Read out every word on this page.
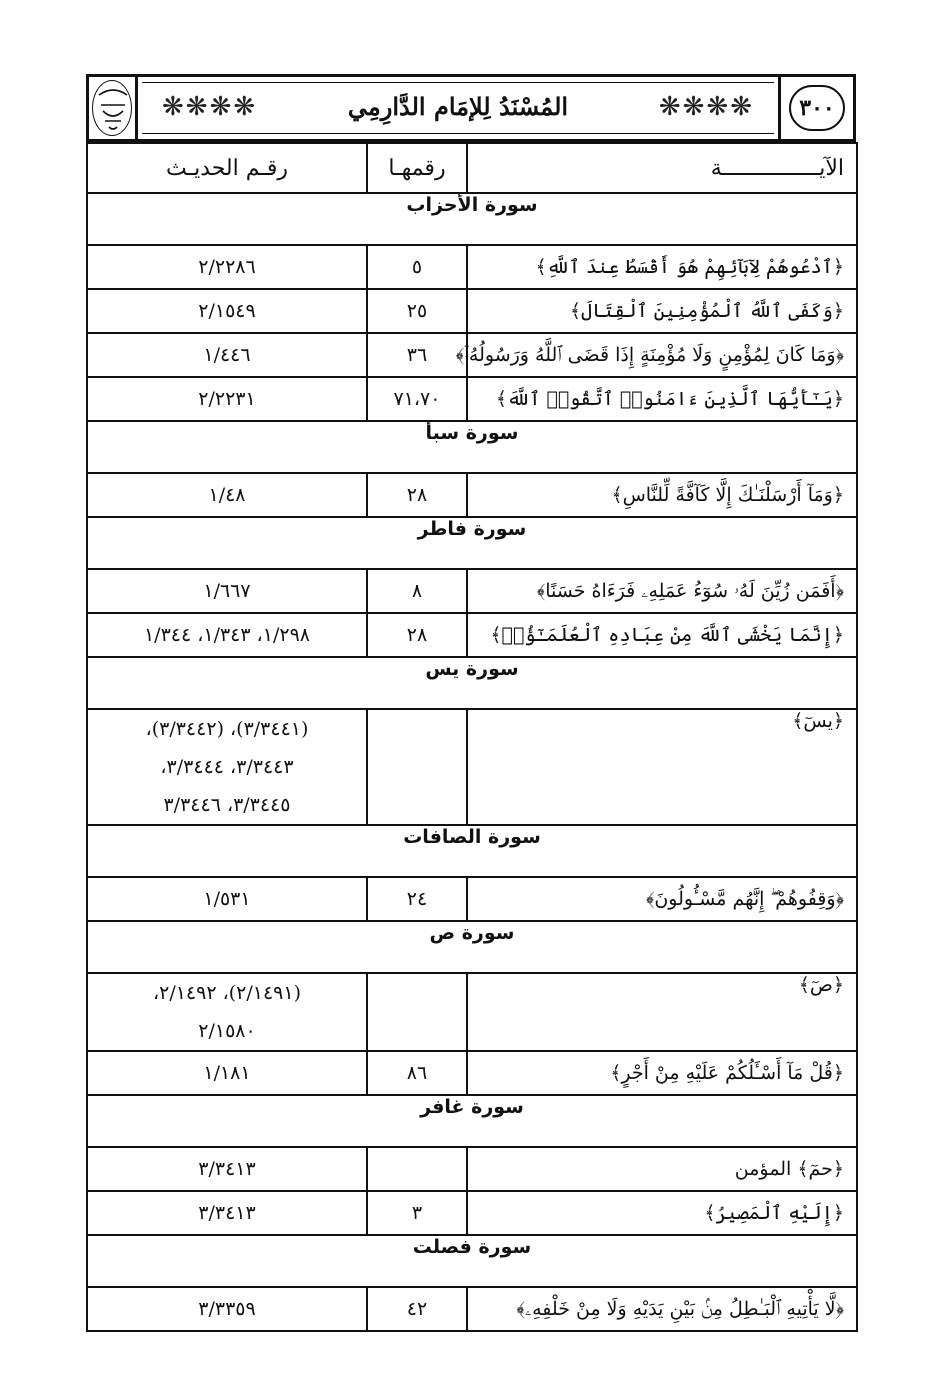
٣٠٠
❋❋❋❋	❋❋❋❋
المُسْنَدُ لِلإمَام الدَّارِمِي
الآيـــــــــــــــة	رقمهـا	رقـم الحديـث
سورة الأحزاب		
﴿ٱدْعُوهُمْ لِآبَآئِهِمْ هُوَ أَقْسَطُ عِندَ ٱللَّهِ﴾	٥	٢/٢٢٨٦
﴿وَكَفَى ٱللَّهُ ٱلْمُؤْمِنِينَ ٱلْقِتَالَ﴾	٢٥	٢/١٥٤٩
﴿وَمَا كَانَ لِمُؤْمِنٍ وَلَا مُؤْمِنَةٍ إِذَا قَضَى ٱللَّهُ وَرَسُولُهُۥٓ﴾	٣٦	١/٤٤٦
﴿يَـٰٓأَيُّهَا ٱلَّذِينَ ءَامَنُوا۟ ٱتَّقُوا۟ ٱللَّهَ﴾	٧١،٧٠	٢/٢٢٣١
سورة سبأ		
﴿وَمَآ أَرْسَلْنَـٰكَ إِلَّا كَآفَّةً لِّلنَّاسِ﴾	٢٨	١/٤٨
سورة فاطر		
﴿أَفَمَن زُيِّنَ لَهُۥ سُوٓءُ عَمَلِهِۦ فَرَءَاهُ حَسَنًا﴾	٨	١/٦٦٧
﴿إِنَّمَا يَخْشَى ٱللَّهَ مِنْ عِبَادِهِ ٱلْعُلَمَـٰٓؤُا۟﴾	٢٨	١/٢٩٨، ١/٣٤٣، ١/٣٤٤
سورة يس		
﴿يسٓ﴾		(٣/٣٤٤١)، (٣/٣٤٤٢)،
٣/٣٤٤٣، ٣/٣٤٤٤،
٣/٣٤٤٥، ٣/٣٤٤٦

سورة الصافات		
﴿وَقِفُوهُمْ ۖ إِنَّهُم مَّسْـُٔولُونَ﴾	٢٤	١/٥٣١
سورة ص		
﴿صٓ﴾		(٢/١٤٩١)، ٢/١٤٩٢،
٢/١٥٨٠

﴿قُلْ مَآ أَسْـَٔلُكُمْ عَلَيْهِ مِنْ أَجْرٍ﴾	٨٦	١/١٨١
سورة غافر		
﴿حمٓ﴾ المؤمن		٣/٣٤١٣
﴿إِلَيْهِ ٱلْمَصِيرُ﴾	٣	٣/٣٤١٣
سورة فصلت		
﴿لَّا يَأْتِيهِ ٱلْبَـٰطِلُ مِنۢ بَيْنِ يَدَيْهِ وَلَا مِنْ خَلْفِهِۦ﴾	٤٢	٣/٣٣٥٩
